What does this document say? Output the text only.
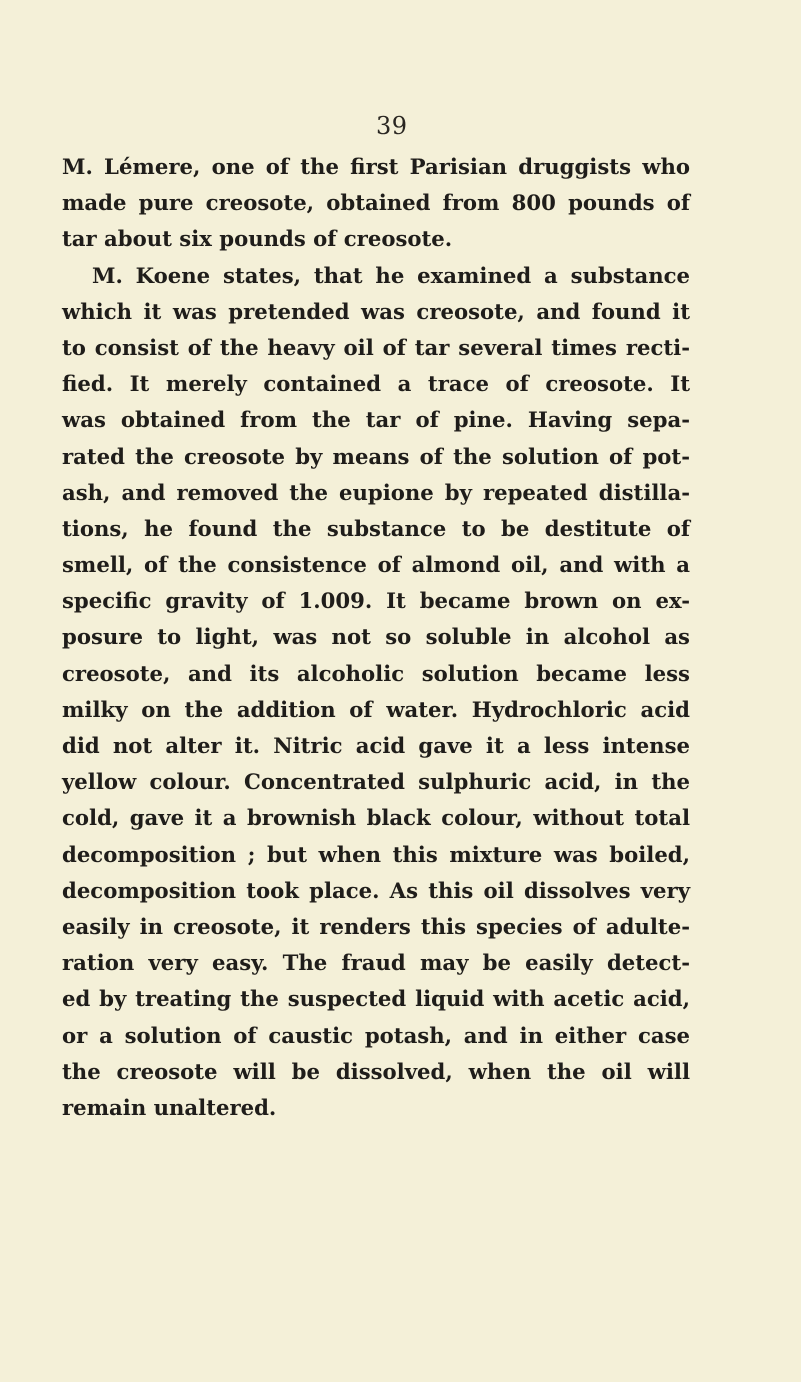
39
M. Lémere, one of the first Parisian druggists who
made pure creosote, obtained from 800 pounds of
tar about six pounds of creosote.
M. Koene states, that he examined a substance
which it was pretended was creosote, and found it
to consist of the heavy oil of tar several times recti-
fied. It merely contained a trace of creosote. It
was obtained from the tar of pine. Having sepa-
rated the creosote by means of the solution of pot-
ash, and removed the eupione by repeated distilla-
tions, he found the substance to be destitute of
smell, of the consistence of almond oil, and with a
specific gravity of 1.009. It became brown on ex-
posure to light, was not so soluble in alcohol as
creosote, and its alcoholic solution became less
milky on the addition of water. Hydrochloric acid
did not alter it. Nitric acid gave it a less intense
yellow colour. Concentrated sulphuric acid, in the
cold, gave it a brownish black colour, without total
decomposition ; but when this mixture was boiled,
decomposition took place. As this oil dissolves very
easily in creosote, it renders this species of adulte-
ration very easy. The fraud may be easily detect-
ed by treating the suspected liquid with acetic acid,
or a solution of caustic potash, and in either case
the creosote will be dissolved, when the oil will
remain unaltered.
